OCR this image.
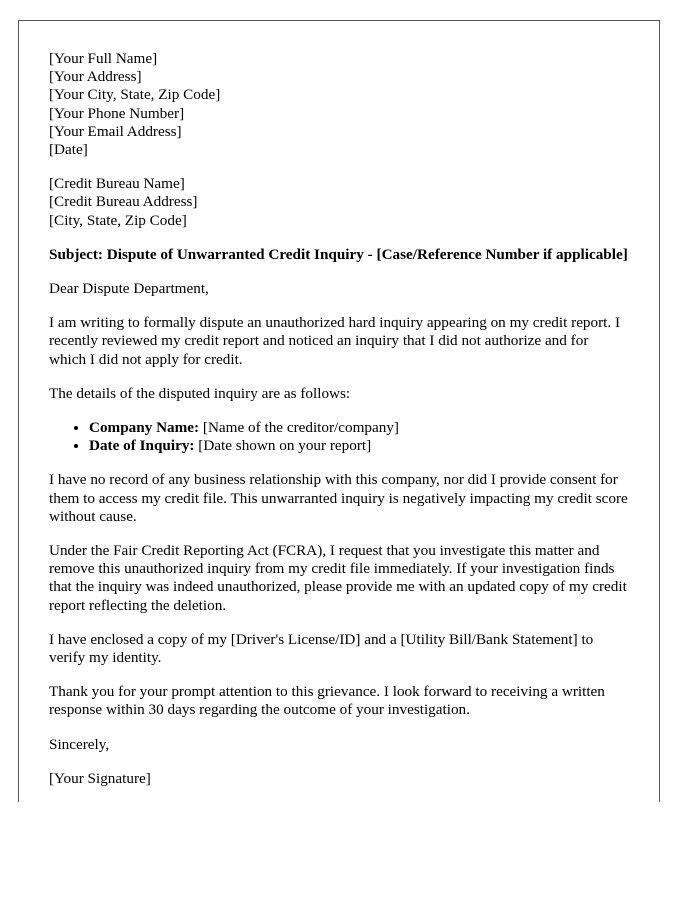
[Your Full Name]
[Your Address]
[Your City, State, Zip Code]
[Your Phone Number]
[Your Email Address]
[Date]
[Credit Bureau Name]
[Credit Bureau Address]
[City, State, Zip Code]

Subject: Dispute of Unwarranted Credit Inquiry - [Case/Reference Number if applicable]

Dear Dispute Department,

I am writing to formally dispute an unauthorized hard inquiry appearing on my credit report. I recently reviewed my credit report and noticed an inquiry that I did not authorize and for which I did not apply for credit.

The details of the disputed inquiry are as follows:

• Company Name: [Name of the creditor/company]
• Date of Inquiry: [Date shown on your report]

I have no record of any business relationship with this company, nor did I provide consent for them to access my credit file. This unwarranted inquiry is negatively impacting my credit score without cause.

Under the Fair Credit Reporting Act (FCRA), I request that you investigate this matter and remove this unauthorized inquiry from my credit file immediately. If your investigation finds that the inquiry was indeed unauthorized, please provide me with an updated copy of my credit report reflecting the deletion.

I have enclosed a copy of my [Driver's License/ID] and a [Utility Bill/Bank Statement] to verify my identity.

Thank you for your prompt attention to this grievance. I look forward to receiving a written response within 30 days regarding the outcome of your investigation.

Sincerely,

[Your Signature]
